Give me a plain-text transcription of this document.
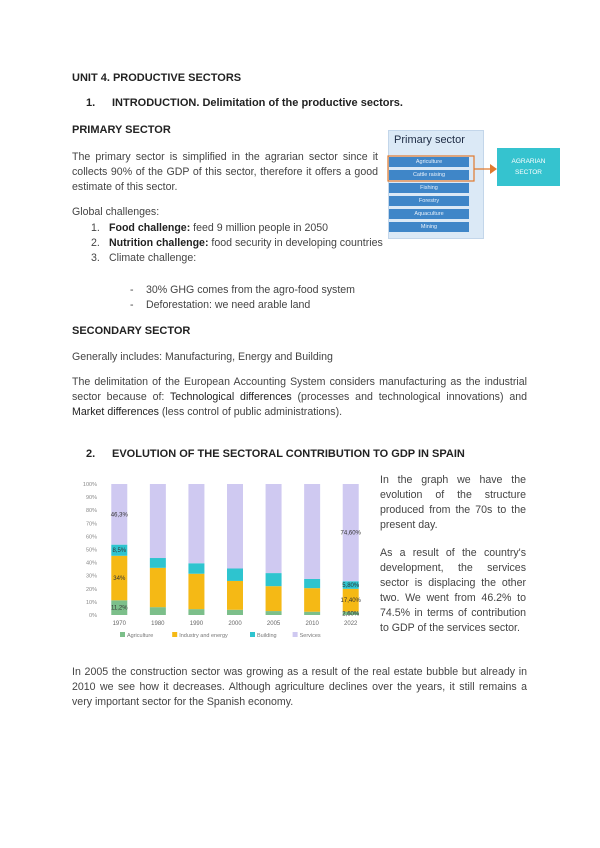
UNIT 4. PRODUCTIVE SECTORS
1. INTRODUCTION. Delimitation of the productive sectors.
PRIMARY SECTOR
The primary sector is simplified in the agrarian sector since it collects 90% of the GDP of this sector, therefore it offers a good estimate of this sector.
Global challenges:
1. Food challenge: feed 9 million people in 2050
2. Nutrition challenge: food security in developing countries
3. Climate challenge:
- 30% GHG comes from the agro-food system
- Deforestation: we need arable land
Primary sector
Agriculture
Cattle raising
Fishing
Forestry
Aquaculture
Mining
AGRARIAN
SECTOR
SECONDARY SECTOR
Generally includes: Manufacturing, Energy and Building
The delimitation of the European Accounting System considers manufacturing as the industrial sector because of: Technological differences (processes and technological innovations) and Market differences (less control of public administrations).
2. EVOLUTION OF THE SECTORAL CONTRIBUTION TO GDP IN SPAIN
0%
10%
20%
30%
40%
50%
60%
70%
80%
90%
100%
1970
11,2%
34%
8,5%
46,3%
1980	1990	2000	2005	2010	2022
2,60%
17,40%
5,80%
74,60%
Agriculture	Industry and energy	Building	Services
In the graph we have the evolution of the structure produced from the 70s to the present day.
As a result of the country's development, the services sector is displacing the other two. We went from 46.2% to 74.5% in terms of contribution to GDP of the services sector.
In 2005 the construction sector was growing as a result of the real estate bubble but already in 2010 we see how it decreases. Although agriculture declines over the years, it still remains a very important sector for the Spanish economy.
